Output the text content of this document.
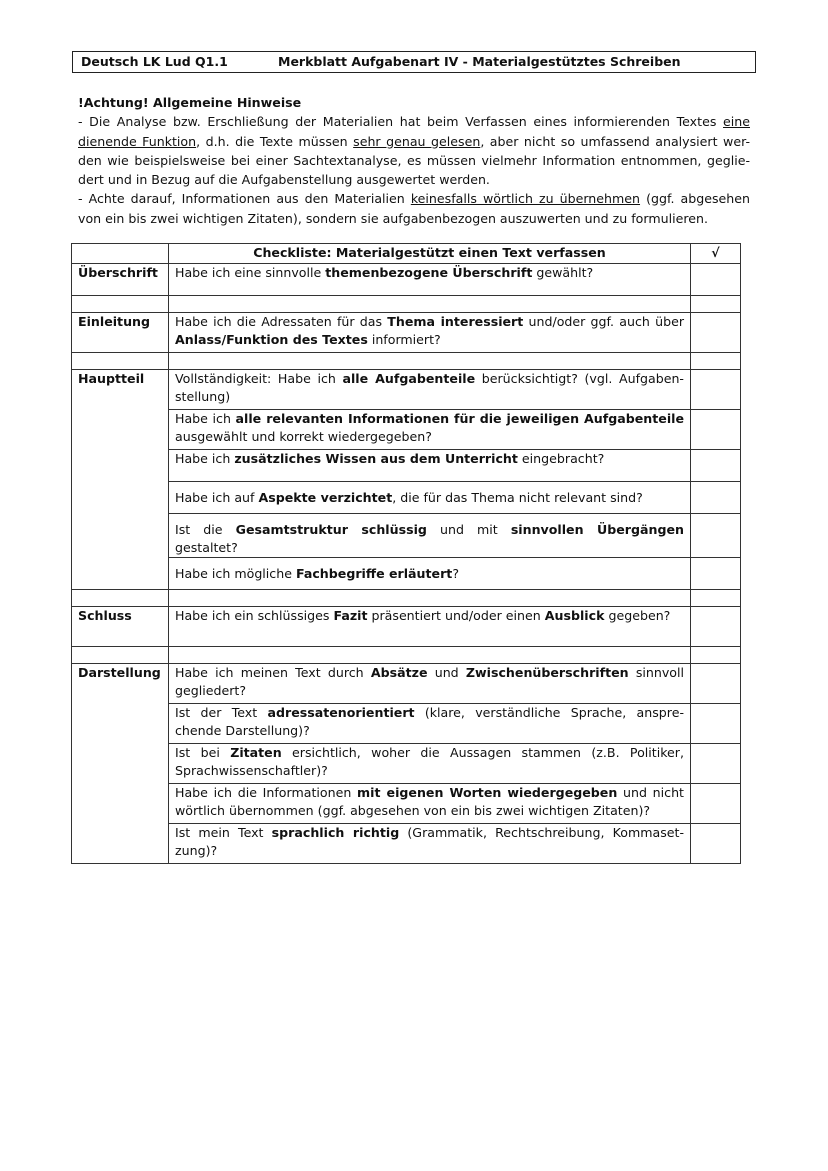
Deutsch LK Lud Q1.1	Merkblatt Aufgabenart IV - Materialgestütztes Schreiben

!Achtung! Allgemeine Hinweise

- Die Analyse bzw. Erschließung der Materialien hat beim Verfassen eines informierenden Textes eine dienende Funktion, d.h. die Texte müssen sehr genau gelesen, aber nicht so umfassend analysiert wer-den wie beispielsweise bei einer Sachtextanalyse, es müssen vielmehr Information entnommen, geglie-dert und in Bezug auf die Aufgabenstellung ausgewertet werden.

- Achte darauf, Informationen aus den Materialien keinesfalls wörtlich zu übernehmen (ggf. abgesehen von ein bis zwei wichtigen Zitaten), sondern sie aufgabenbezogen auszuwerten und zu formulieren.

	Checkliste: Materialgestützt einen Text verfassen	√
Überschrift	Habe ich eine sinnvolle themenbezogene Überschrift gewählt?	

Einleitung	Habe ich die Adressaten für das Thema interessiert und/oder ggf. auch über Anlass/Funktion des Textes informiert?	

Hauptteil	Vollständigkeit: Habe ich alle Aufgabenteile berücksichtigt? (vgl. Aufgaben-stellung)	
	Habe ich alle relevanten Informationen für die jeweiligen Aufgabenteile ausgewählt und korrekt wiedergegeben?	
	Habe ich zusätzliches Wissen aus dem Unterricht eingebracht?	
	Habe ich auf Aspekte verzichtet, die für das Thema nicht relevant sind?	
	Ist die Gesamtstruktur schlüssig und mit sinnvollen Übergängen gestaltet?	
	Habe ich mögliche Fachbegriffe erläutert?	

Schluss	Habe ich ein schlüssiges Fazit präsentiert und/oder einen Ausblick gegeben?	

Darstellung	Habe ich meinen Text durch Absätze und Zwischenüberschriften sinnvoll gegliedert?	
	Ist der Text adressatenorientiert (klare, verständliche Sprache, anspre-chende Darstellung)?	
	Ist bei Zitaten ersichtlich, woher die Aussagen stammen (z.B. Politiker, Sprachwissenschaftler)?	
	Habe ich die Informationen mit eigenen Worten wiedergegeben und nicht wörtlich übernommen (ggf. abgesehen von ein bis zwei wichtigen Zitaten)?	
	Ist mein Text sprachlich richtig (Grammatik, Rechtschreibung, Kommaset-zung)?	
